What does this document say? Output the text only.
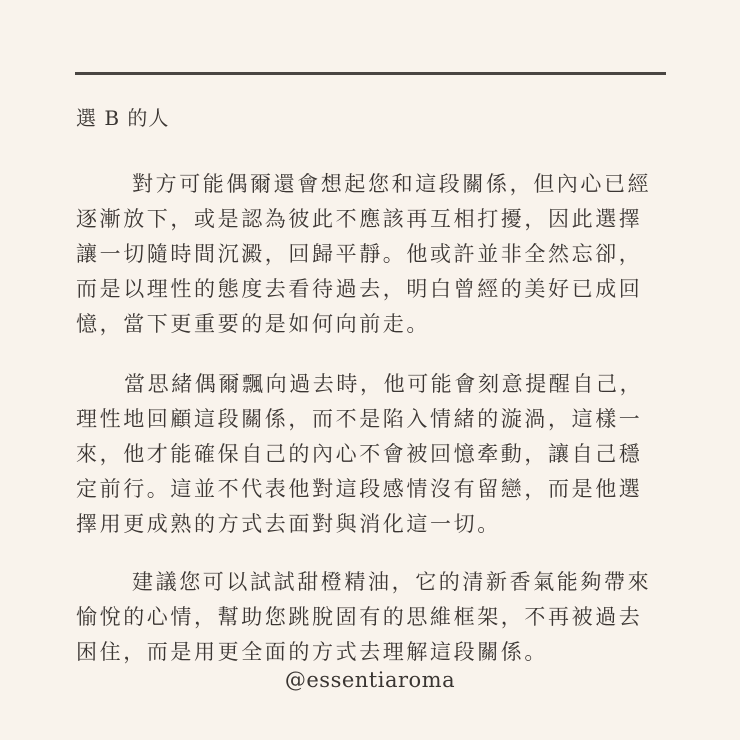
選 B 的人
對方可能偶爾還會想起您和這段關係，但內心已經
逐漸放下，或是認為彼此不應該再互相打擾，因此選擇
讓一切隨時間沉澱，回歸平靜。他或許並非全然忘卻，
而是以理性的態度去看待過去，明白曾經的美好已成回
憶，當下更重要的是如何向前走。
當思緒偶爾飄向過去時，他可能會刻意提醒自己，
理性地回顧這段關係，而不是陷入情緒的漩渦，這樣一
來，他才能確保自己的內心不會被回憶牽動，讓自己穩
定前行。這並不代表他對這段感情沒有留戀，而是他選
擇用更成熟的方式去面對與消化這一切。
建議您可以試試甜橙精油，它的清新香氣能夠帶來
愉悅的心情，幫助您跳脫固有的思維框架，不再被過去
困住，而是用更全面的方式去理解這段關係。
@essentiaroma
